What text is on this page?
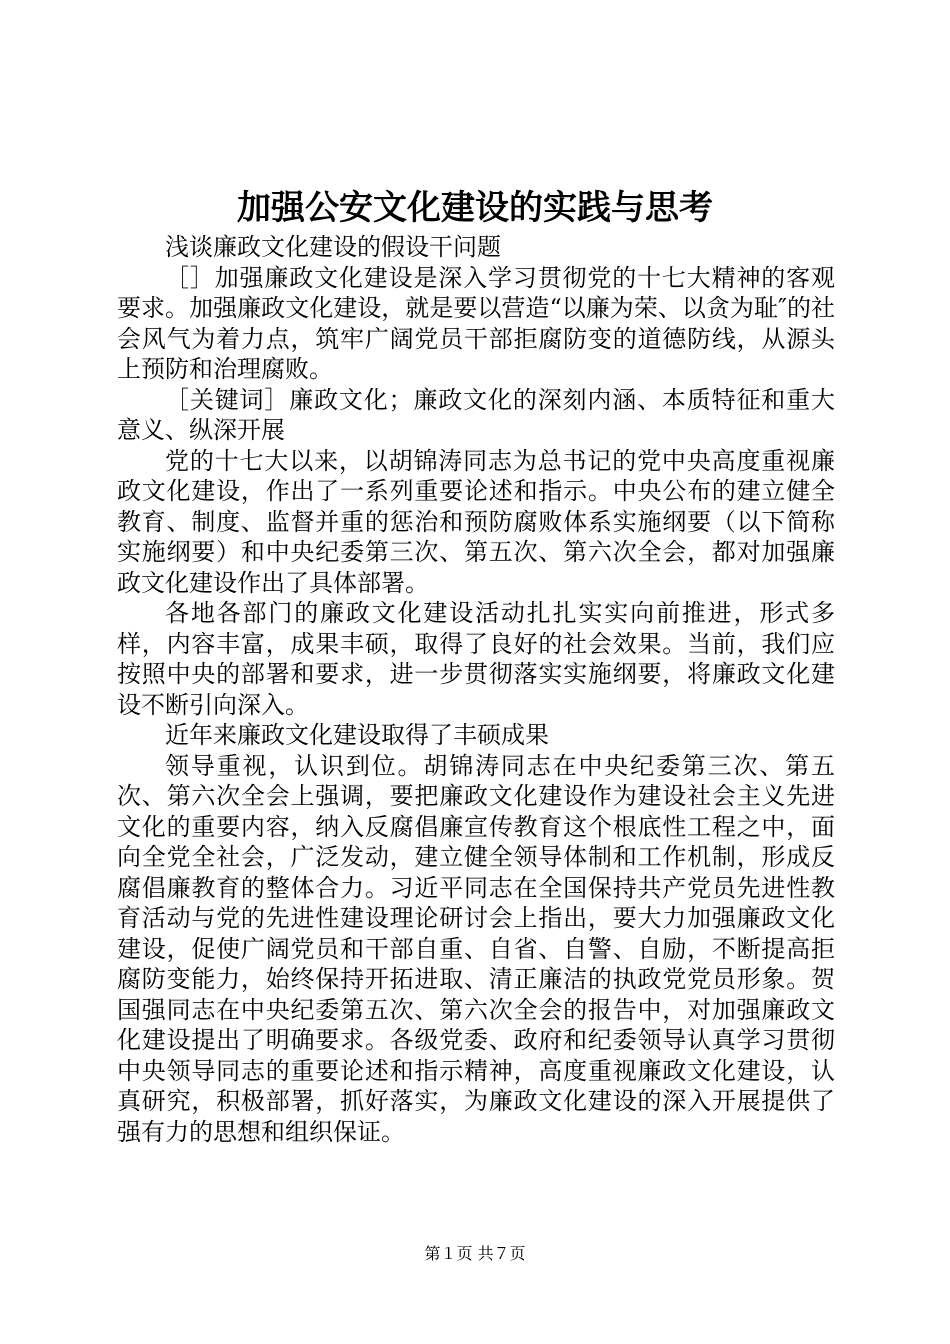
加强公安文化建设的实践与思考

浅谈廉政文化建设的假设干问题

［］加强廉政文化建设是深入学习贯彻党的十七大精神的客观要求。加强廉政文化建设，就是要以营造“以廉为荣、以贪为耻″的社会风气为着力点，筑牢广阔党员干部拒腐防变的道德防线，从源头上预防和治理腐败。

［关键词］廉政文化；廉政文化的深刻内涵、本质特征和重大意义、纵深开展

党的十七大以来，以胡锦涛同志为总书记的党中央高度重视廉政文化建设，作出了一系列重要论述和指示。中央公布的建立健全教育、制度、监督并重的惩治和预防腐败体系实施纲要（以下简称实施纲要）和中央纪委第三次、第五次、第六次全会，都对加强廉政文化建设作出了具体部署。

各地各部门的廉政文化建设活动扎扎实实向前推进，形式多样，内容丰富，成果丰硕，取得了良好的社会效果。当前，我们应按照中央的部署和要求，进一步贯彻落实实施纲要，将廉政文化建设不断引向深入。

近年来廉政文化建设取得了丰硕成果

领导重视，认识到位。胡锦涛同志在中央纪委第三次、第五次、第六次全会上强调，要把廉政文化建设作为建设社会主义先进文化的重要内容，纳入反腐倡廉宣传教育这个根底性工程之中，面向全党全社会，广泛发动，建立健全领导体制和工作机制，形成反腐倡廉教育的整体合力。习近平同志在全国保持共产党员先进性教育活动与党的先进性建设理论研讨会上指出，要大力加强廉政文化建设，促使广阔党员和干部自重、自省、自警、自励，不断提高拒腐防变能力，始终保持开拓进取、清正廉洁的执政党党员形象。贺国强同志在中央纪委第五次、第六次全会的报告中，对加强廉政文化建设提出了明确要求。各级党委、政府和纪委领导认真学习贯彻中央领导同志的重要论述和指示精神，高度重视廉政文化建设，认真研究，积极部署，抓好落实，为廉政文化建设的深入开展提供了强有力的思想和组织保证。

第１页 共７页
